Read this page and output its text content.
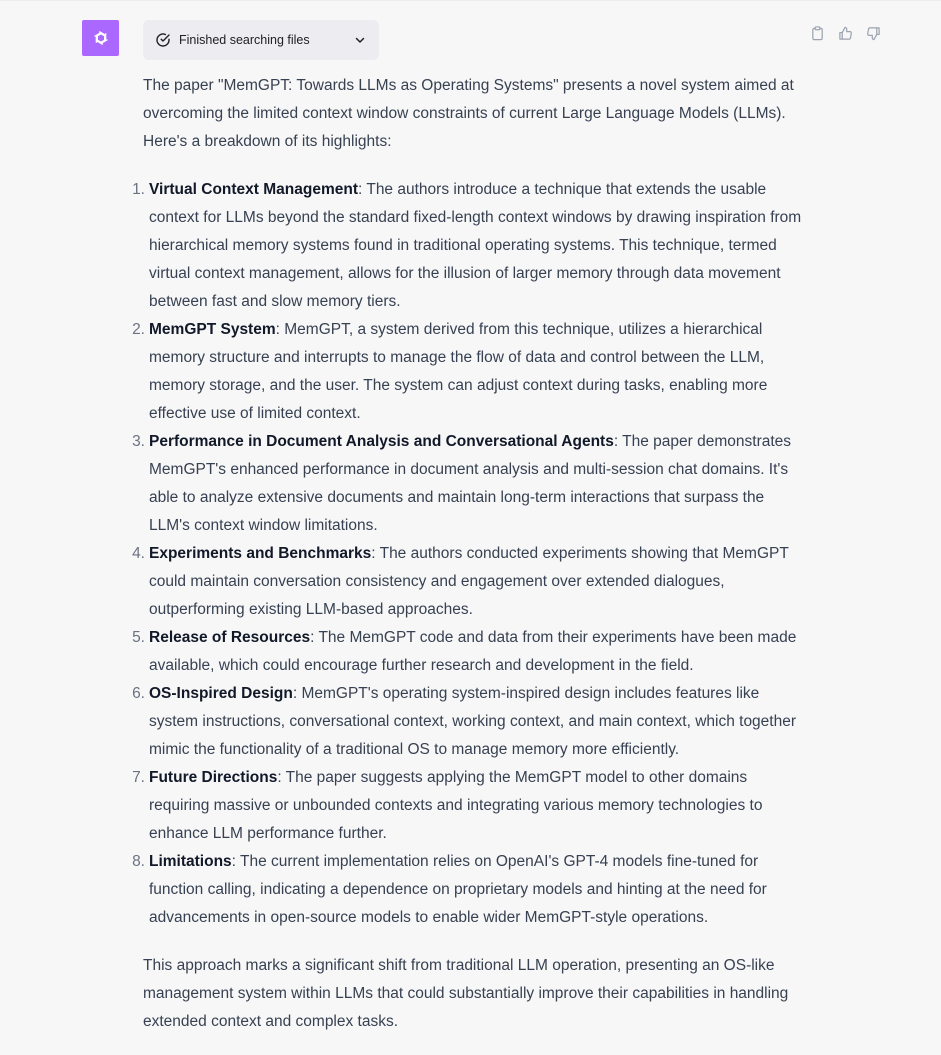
Finished searching files

The paper "MemGPT: Towards LLMs as Operating Systems" presents a novel system aimed at overcoming the limited context window constraints of current Large Language Models (LLMs). Here's a breakdown of its highlights:

1. Virtual Context Management: The authors introduce a technique that extends the usable context for LLMs beyond the standard fixed-length context windows by drawing inspiration from hierarchical memory systems found in traditional operating systems. This technique, termed virtual context management, allows for the illusion of larger memory through data movement between fast and slow memory tiers.
2. MemGPT System: MemGPT, a system derived from this technique, utilizes a hierarchical memory structure and interrupts to manage the flow of data and control between the LLM, memory storage, and the user. The system can adjust context during tasks, enabling more effective use of limited context.
3. Performance in Document Analysis and Conversational Agents: The paper demonstrates MemGPT's enhanced performance in document analysis and multi-session chat domains. It's able to analyze extensive documents and maintain long-term interactions that surpass the LLM's context window limitations.
4. Experiments and Benchmarks: The authors conducted experiments showing that MemGPT could maintain conversation consistency and engagement over extended dialogues, outperforming existing LLM-based approaches.
5. Release of Resources: The MemGPT code and data from their experiments have been made available, which could encourage further research and development in the field.
6. OS-Inspired Design: MemGPT's operating system-inspired design includes features like system instructions, conversational context, working context, and main context, which together mimic the functionality of a traditional OS to manage memory more efficiently.
7. Future Directions: The paper suggests applying the MemGPT model to other domains requiring massive or unbounded contexts and integrating various memory technologies to enhance LLM performance further.
8. Limitations: The current implementation relies on OpenAI's GPT-4 models fine-tuned for function calling, indicating a dependence on proprietary models and hinting at the need for advancements in open-source models to enable wider MemGPT-style operations.

This approach marks a significant shift from traditional LLM operation, presenting an OS-like management system within LLMs that could substantially improve their capabilities in handling extended context and complex tasks.
